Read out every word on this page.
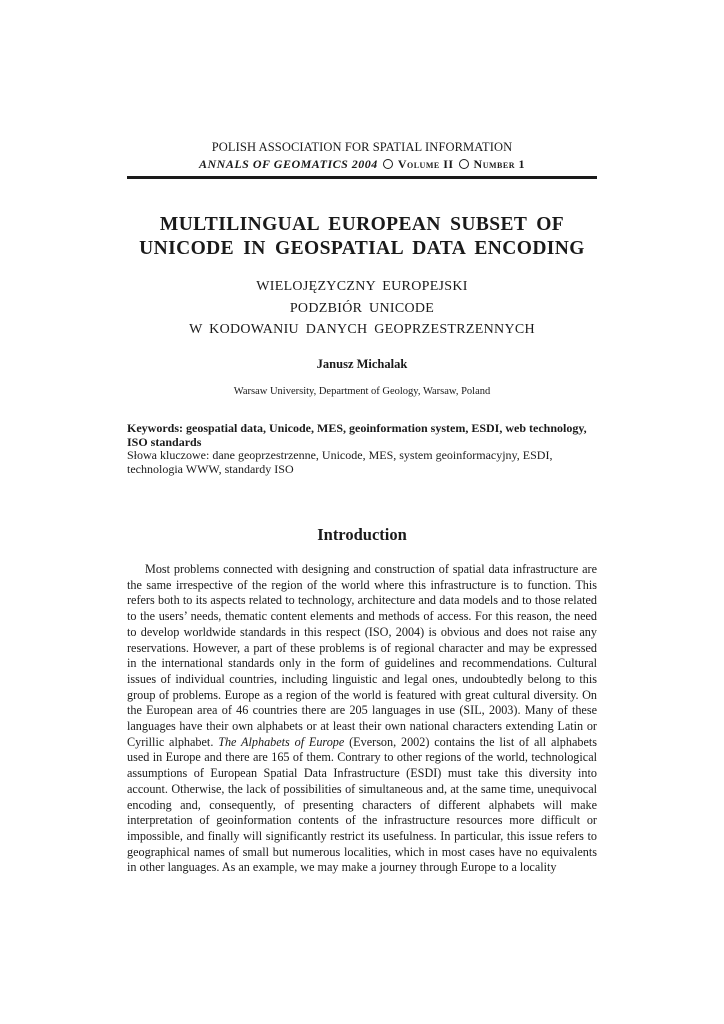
POLISH ASSOCIATION FOR SPATIAL INFORMATION
ANNALS OF GEOMATICS 2004 Volume II Number 1
MULTILINGUAL EUROPEAN SUBSET OF
UNICODE IN GEOSPATIAL DATA ENCODING
WIELOJĘZYCZNY EUROPEJSKI
PODZBIÓR UNICODE
W KODOWANIU DANYCH GEOPRZESTRZENNYCH
Janusz Michalak
Warsaw University, Department of Geology, Warsaw, Poland
Keywords: geospatial data, Unicode, MES, geoinformation system, ESDI, web technology, ISO standards
Słowa kluczowe: dane geoprzestrzenne, Unicode, MES, system geoinformacyjny, ESDI, technologia WWW, standardy ISO
Introduction
Most problems connected with designing and construction of spatial data infrastructure are the same irrespective of the region of the world where this infrastructure is to function. This refers both to its aspects related to technology, architecture and data models and to those related to the users’ needs, thematic content elements and methods of access. For this reason, the need to develop worldwide standards in this respect (ISO, 2004) is obvious and does not raise any reservations. However, a part of these problems is of regional character and may be expressed in the international standards only in the form of guidelines and recommendations. Cultural issues of individual countries, including linguistic and legal ones, undoubtedly belong to this group of problems. Europe as a region of the world is featured with great cultural diversity. On the European area of 46 countries there are 205 languages in use (SIL, 2003). Many of these languages have their own alphabets or at least their own national characters extending Latin or Cyrillic alphabet. The Alphabets of Europe (Everson, 2002) contains the list of all alphabets used in Europe and there are 165 of them. Contrary to other regions of the world, technological assumptions of European Spatial Data Infrastructure (ESDI) must take this diversity into account. Otherwise, the lack of possibilities of simultaneous and, at the same time, unequivocal encoding and, consequently, of presenting characters of different alphabets will make interpretation of geoinformation contents of the infrastructure resources more difficult or impossible, and finally will significantly restrict its usefulness. In particular, this issue refers to geographical names of small but numerous localities, which in most cases have no equivalents in other languages. As an example, we may make a journey through Europe to a locality
